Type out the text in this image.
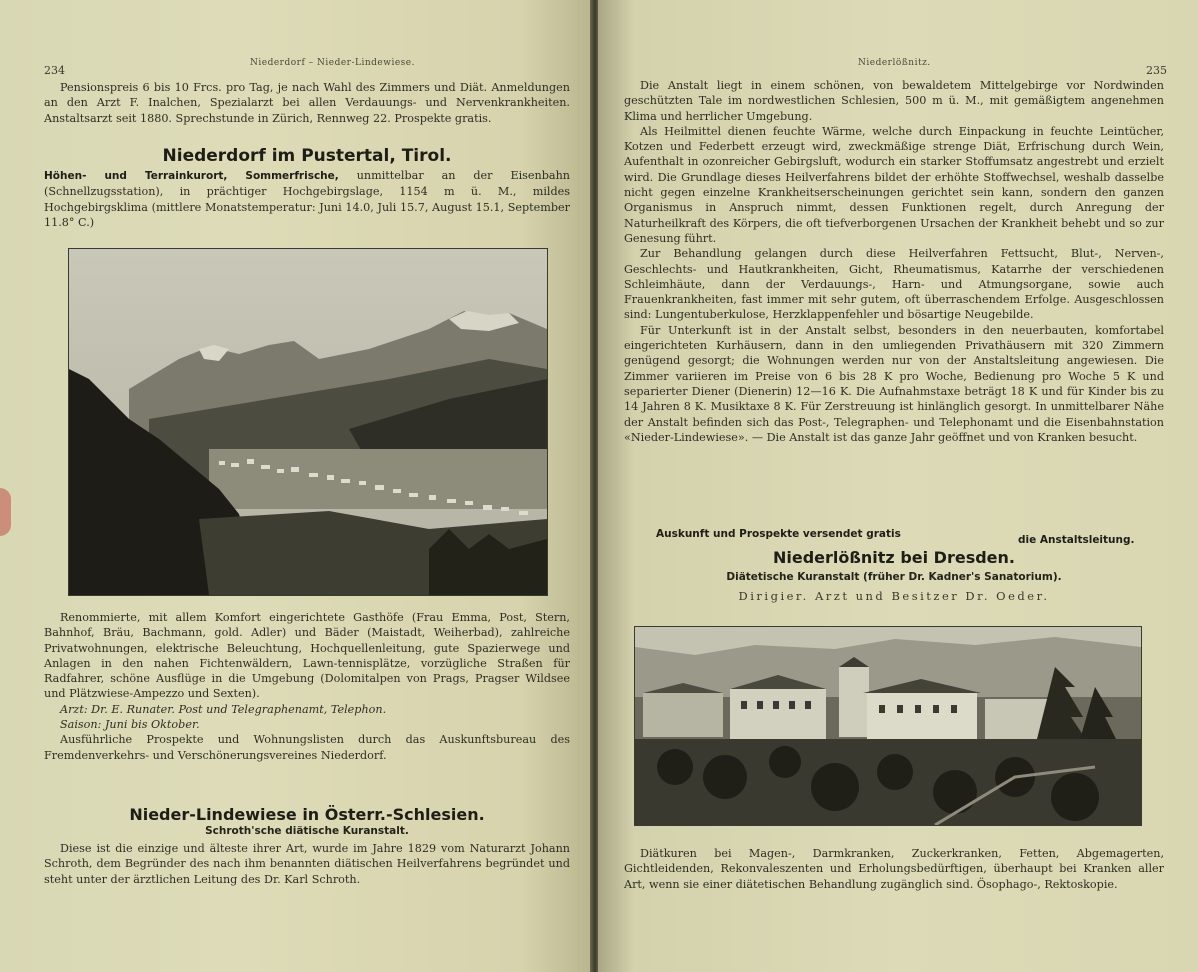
Niederdorf – Nieder-Lindewiese.
234

Pensionspreis 6 bis 10 Frcs. pro Tag, je nach Wahl des Zimmers und Diät. Anmeldungen an den Arzt F. Inalchen, Spezialarzt bei allen Verdauungs- und Nervenkrankheiten. Anstaltsarzt seit 1880. Sprechstunde in Zürich, Rennweg 22. Prospekte gratis.

Niederdorf im Pustertal, Tirol.

Höhen- und Terrainkurort, Sommerfrische, unmittelbar an der Eisenbahn (Schnellzugsstation), in prächtiger Hochgebirgslage, 1154 m ü. M., mildes Hochgebirgsklima (mittlere Monatstemperatur: Juni 14.0, Juli 15.7, August 15.1, September 11.8° C.)

Renommierte, mit allem Komfort eingerichtete Gasthöfe (Frau Emma, Post, Stern, Bahnhof, Bräu, Bachmann, gold. Adler) und Bäder (Maistadt, Weiherbad), zahlreiche Privatwohnungen, elektrische Beleuchtung, Hochquellenleitung, gute Spazierwege und Anlagen in den nahen Fichtenwäldern, Lawn-tennisplätze, vorzügliche Straßen für Radfahrer, schöne Ausflüge in die Umgebung (Dolomitalpen von Prags, Pragser Wildsee und Plätzwiese-Ampezzo und Sexten).

Arzt: Dr. E. Runater. Post und Telegraphenamt, Telephon.

Saison: Juni bis Oktober.

Ausführliche Prospekte und Wohnungslisten durch das Auskunftsbureau des Fremdenverkehrs- und Verschönerungsvereines Niederdorf.

Nieder-Lindewiese in Österr.-Schlesien.
Schroth'sche diätische Kuranstalt.

Diese ist die einzige und älteste ihrer Art, wurde im Jahre 1829 vom Naturarzt Johann Schroth, dem Begründer des nach ihm benannten diätischen Heilverfahrens begründet und steht unter der ärztlichen Leitung des Dr. Karl Schroth.

Niederlößnitz.
235

Die Anstalt liegt in einem schönen, von bewaldetem Mittelgebirge vor Nordwinden geschützten Tale im nordwestlichen Schlesien, 500 m ü. M., mit gemäßigtem angenehmen Klima und herrlicher Umgebung.

Als Heilmittel dienen feuchte Wärme, welche durch Einpackung in feuchte Leintücher, Kotzen und Federbett erzeugt wird, zweckmäßige strenge Diät, Erfrischung durch Wein, Aufenthalt in ozonreicher Gebirgsluft, wodurch ein starker Stoffumsatz angestrebt und erzielt wird. Die Grundlage dieses Heilverfahrens bildet der erhöhte Stoffwechsel, weshalb dasselbe nicht gegen einzelne Krankheitserscheinungen gerichtet sein kann, sondern den ganzen Organismus in Anspruch nimmt, dessen Funktionen regelt, durch Anregung der Naturheilkraft des Körpers, die oft tiefverborgenen Ursachen der Krankheit behebt und so zur Genesung führt.

Zur Behandlung gelangen durch diese Heilverfahren Fettsucht, Blut-, Nerven-, Geschlechts- und Hautkrankheiten, Gicht, Rheumatismus, Katarrhe der verschiedenen Schleimhäute, dann der Verdauungs-, Harn- und Atmungsorgane, sowie auch Frauenkrankheiten, fast immer mit sehr gutem, oft überraschendem Erfolge. Ausgeschlossen sind: Lungentuberkulose, Herzklappenfehler und bösartige Neugebilde.

Für Unterkunft ist in der Anstalt selbst, besonders in den neuerbauten, komfortabel eingerichteten Kurhäusern, dann in den umliegenden Privathäusern mit 320 Zimmern genügend gesorgt; die Wohnungen werden nur von der Anstaltsleitung angewiesen. Die Zimmer variieren im Preise von 6 bis 28 K pro Woche, Bedienung pro Woche 5 K und separierter Diener (Dienerin) 12—16 K. Die Aufnahmstaxe beträgt 18 K und für Kinder bis zu 14 Jahren 8 K. Musiktaxe 8 K. Für Zerstreuung ist hinlänglich gesorgt. In unmittelbarer Nähe der Anstalt befinden sich das Post-, Telegraphen- und Telephonamt und die Eisenbahnstation «Nieder-Lindewiese». — Die Anstalt ist das ganze Jahr geöffnet und von Kranken besucht.

Auskunft und Prospekte versendet gratis	die Anstaltsleitung.
Niederlößnitz bei Dresden.
Diätetische Kuranstalt (früher Dr. Kadner's Sanatorium).
Dirigier. Arzt und Besitzer Dr. Oeder.

Diätkuren bei Magen-, Darmkranken, Zuckerkranken, Fetten, Abgemagerten, Gichtleidenden, Rekonvaleszenten und Erholungsbedürftigen, überhaupt bei Kranken aller Art, wenn sie einer diätetischen Behandlung zugänglich sind. Ösophago-, Rektoskopie.
